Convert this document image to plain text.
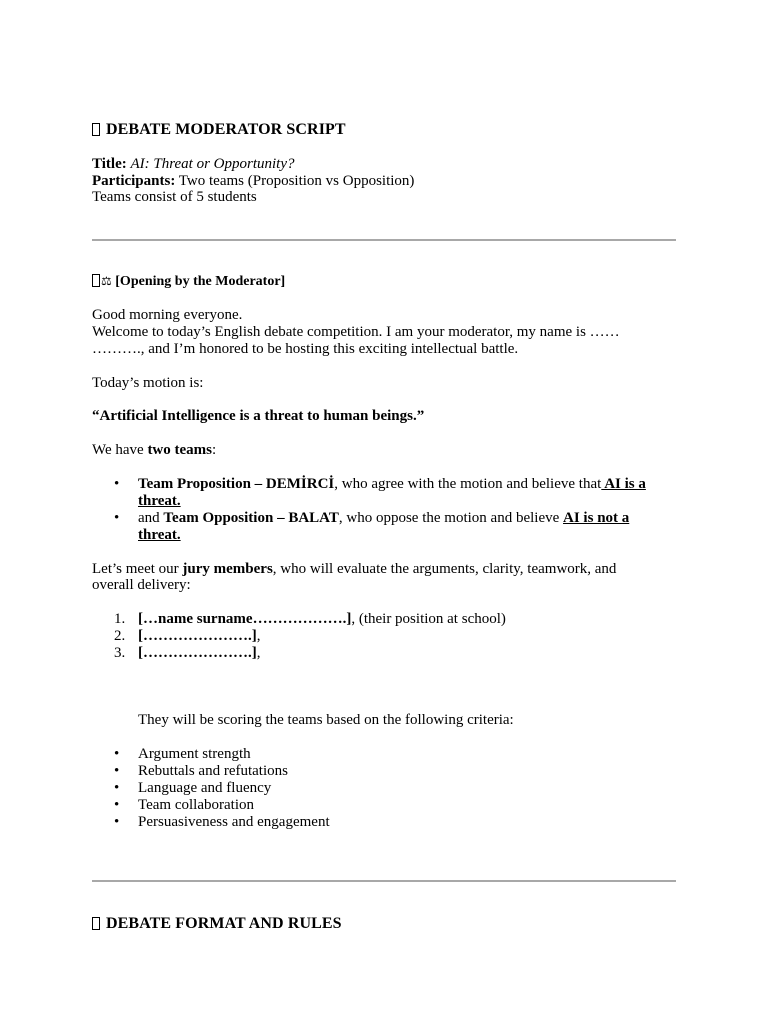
DEBATE MODERATOR SCRIPT
Title: AI: Threat or Opportunity?
Participants: Two teams (Proposition vs Opposition)
Teams consist of 5 students
⚖ [Opening by the Moderator]
Good morning everyone.
Welcome to today’s English debate competition. I am your moderator, my name is ……
………., and I’m honored to be hosting this exciting intellectual battle.
Today’s motion is:
“Artificial Intelligence is a threat to human beings.”
We have two teams:
• Team Proposition – DEMİRCİ, who agree with the motion and believe that AI is a
threat.
• and Team Opposition – BALAT, who oppose the motion and believe AI is not a
threat.
Let’s meet our jury members, who will evaluate the arguments, clarity, teamwork, and
overall delivery:
1. […name surname……………….], (their position at school)
2. [………………….],
3. [………………….],
They will be scoring the teams based on the following criteria:
• Argument strength
• Rebuttals and refutations
• Language and fluency
• Team collaboration
• Persuasiveness and engagement
DEBATE FORMAT AND RULES
